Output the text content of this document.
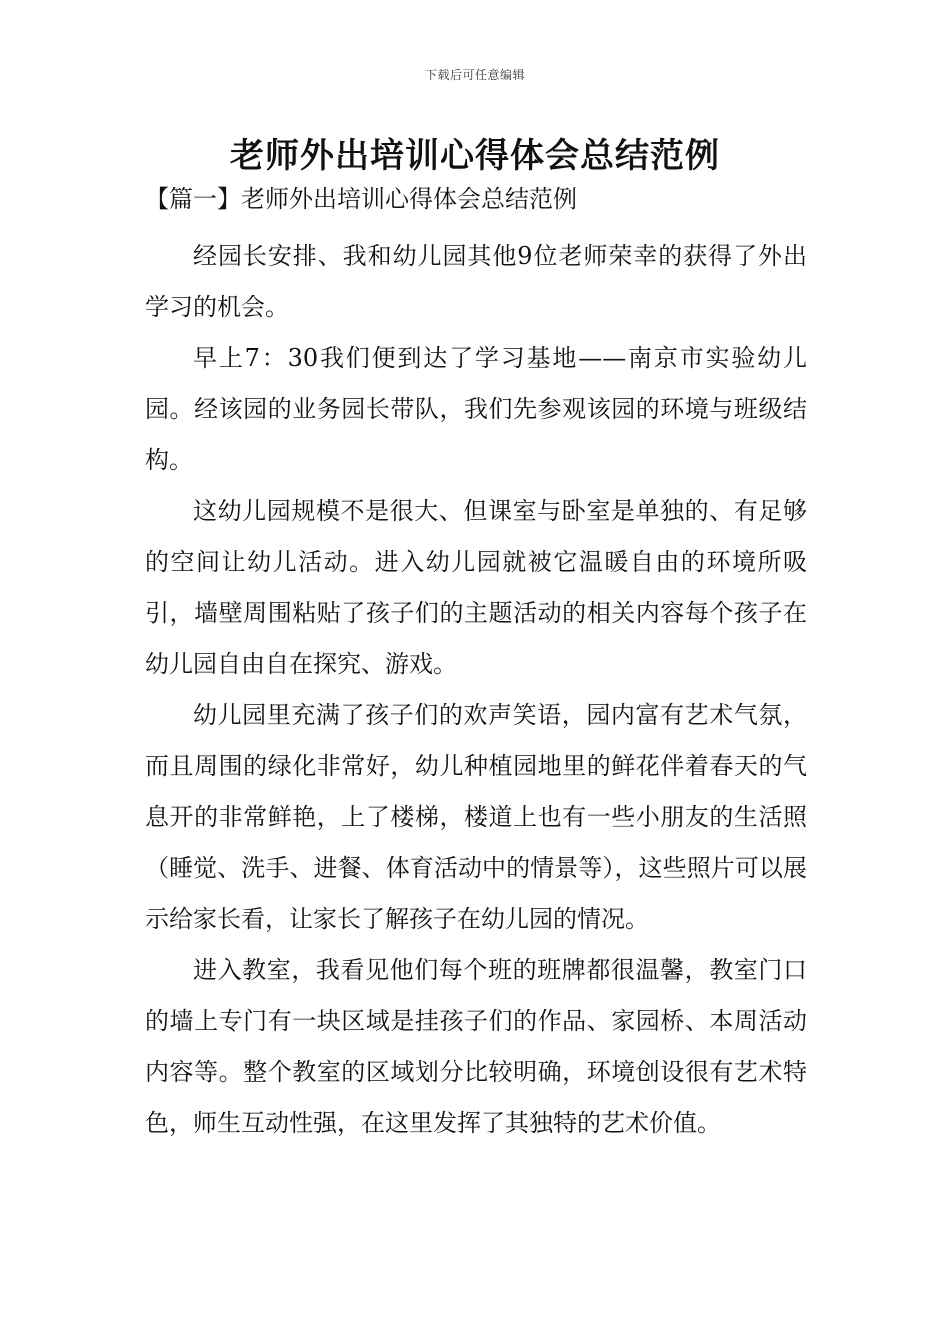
下载后可任意编辑
老师外出培训心得体会总结范例
【篇一】老师外出培训心得体会总结范例

经园长安排、我和幼儿园其他9位老师荣幸的获得了外出学习的机会。

早上7：30我们便到达了学习基地——南京市实验幼儿园。经该园的业务园长带队，我们先参观该园的环境与班级结构。

这幼儿园规模不是很大、但课室与卧室是单独的、有足够的空间让幼儿活动。进入幼儿园就被它温暖自由的环境所吸引，墙壁周围粘贴了孩子们的主题活动的相关内容每个孩子在幼儿园自由自在探究、游戏。

幼儿园里充满了孩子们的欢声笑语，园内富有艺术气氛，而且周围的绿化非常好，幼儿种植园地里的鲜花伴着春天的气息开的非常鲜艳，上了楼梯，楼道上也有一些小朋友的生活照（睡觉、洗手、进餐、体育活动中的情景等），这些照片可以展示给家长看，让家长了解孩子在幼儿园的情况。

进入教室，我看见他们每个班的班牌都很温馨，教室门口的墙上专门有一块区域是挂孩子们的作品、家园桥、本周活动内容等。整个教室的区域划分比较明确，环境创设很有艺术特色，师生互动性强，在这里发挥了其独特的艺术价值。
